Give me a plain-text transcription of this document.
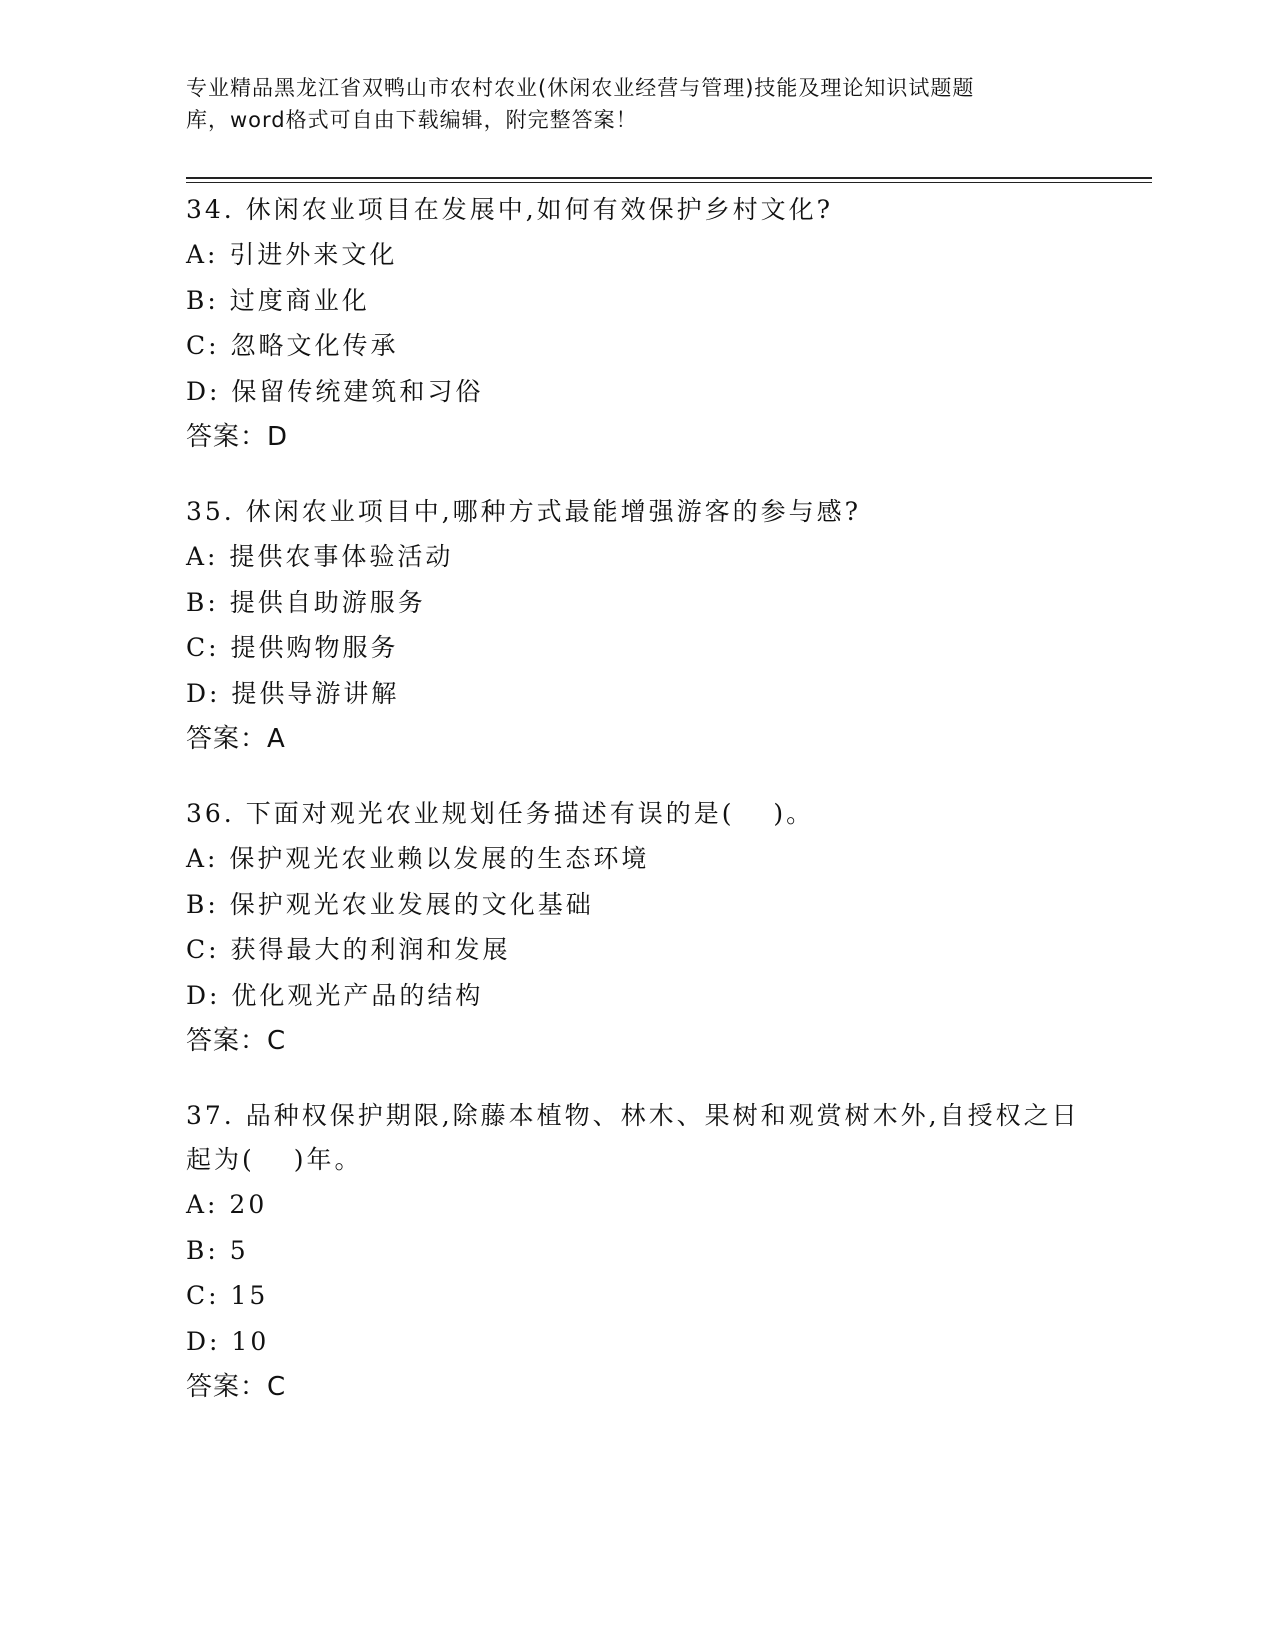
专业精品黑龙江省双鸭山市农村农业(休闲农业经营与管理)技能及理论知识试题题
库，word格式可自由下载编辑，附完整答案！
34. 休闲农业项目在发展中,如何有效保护乡村文化?
A: 引进外来文化
B: 过度商业化
C: 忽略文化传承
D: 保留传统建筑和习俗
答案：D
35. 休闲农业项目中,哪种方式最能增强游客的参与感?
A: 提供农事体验活动
B: 提供自助游服务
C: 提供购物服务
D: 提供导游讲解
答案：A
36. 下面对观光农业规划任务描述有误的是(　 )。
A: 保护观光农业赖以发展的生态环境
B: 保护观光农业发展的文化基础
C: 获得最大的利润和发展
D: 优化观光产品的结构
答案：C
37. 品种权保护期限,除藤本植物、林木、果树和观赏树木外,自授权之日起为(　 )年。
A: 20
B: 5
C: 15
D: 10
答案：C
